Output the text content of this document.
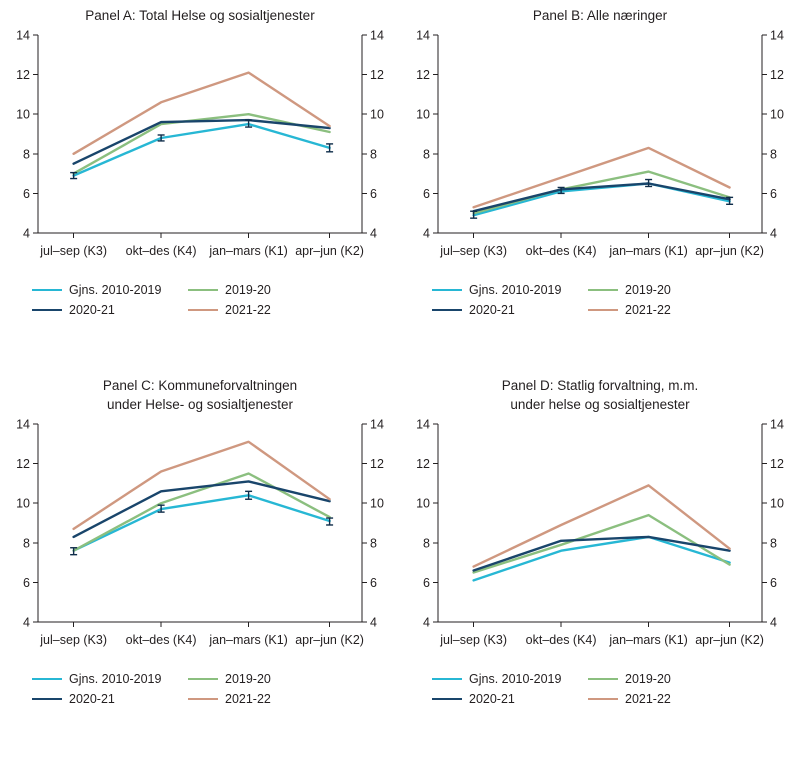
Panel A: Total Helse og sosialtjenester
4	4
6	6
8	8
10	10
12	12
14	14
jul–sep (K3) okt–des (K4) jan–mars (K1) apr–jun (K2)
Gjns. 2010-2019	2019-20
2020-21	2021-22
Panel B: Alle næringer
4	4
6	6
8	8
10	10
12	12
14	14
jul–sep (K3) okt–des (K4) jan–mars (K1) apr–jun (K2)
Gjns. 2010-2019	2019-20
2020-21	2021-22
Panel C: Kommuneforvaltningen
under Helse- og sosialtjenester
4	4
6	6
8	8
10	10
12	12
14	14
jul–sep (K3) okt–des (K4) jan–mars (K1) apr–jun (K2)
Gjns. 2010-2019	2019-20
2020-21	2021-22
Panel D: Statlig forvaltning, m.m.
under helse og sosialtjenester
4	4
6	6
8	8
10	10
12	12
14	14
jul–sep (K3) okt–des (K4) jan–mars (K1) apr–jun (K2)
Gjns. 2010-2019	2019-20
2020-21	2021-22
